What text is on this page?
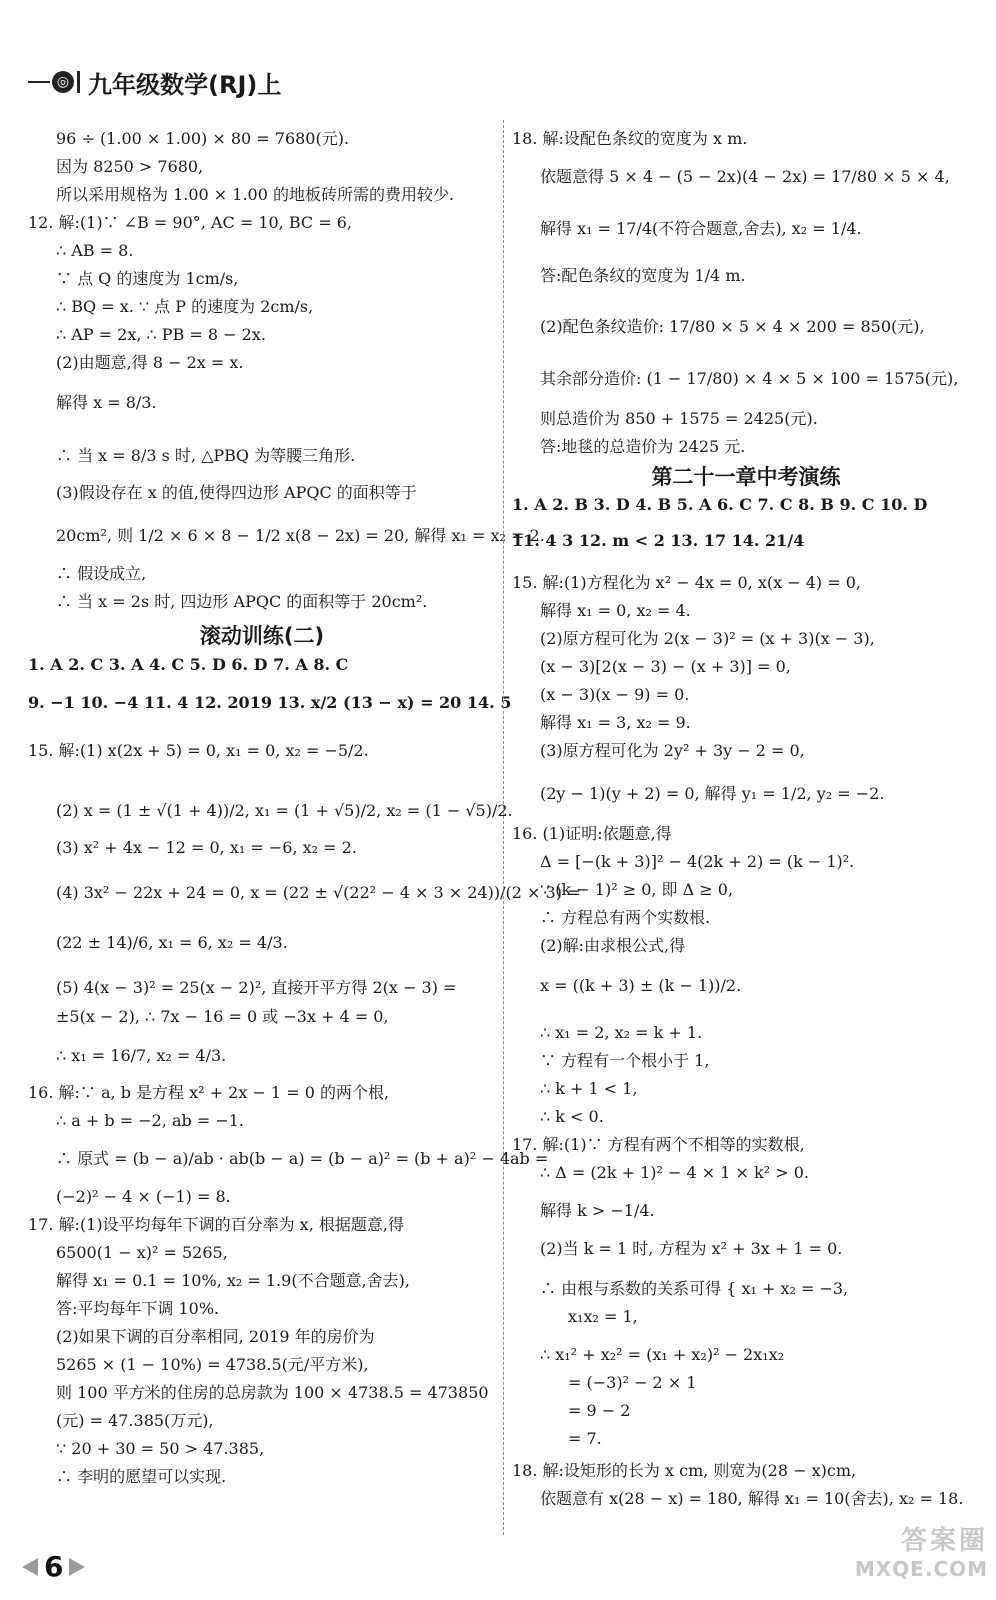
◎ 九年级数学(RJ)上
96 ÷ (1.00 × 1.00) × 80 = 7680(元).
因为 8250 > 7680,
所以采用规格为 1.00 × 1.00 的地板砖所需的费用较少.
12. 解:(1)∵ ∠B = 90°, AC = 10, BC = 6,
∴ AB = 8.
∵ 点 Q 的速度为 1cm/s,
∴ BQ = x. ∵ 点 P 的速度为 2cm/s,
∴ AP = 2x, ∴ PB = 8 − 2x.
(2)由题意,得 8 − 2x = x.
解得 x = 8/3.
∴ 当 x = 8/3 s 时, △PBQ 为等腰三角形.
(3)假设存在 x 的值,使得四边形 APQC 的面积等于
20cm², 则 1/2 × 6 × 8 − 1/2 x(8 − 2x) = 20, 解得 x₁ = x₂ = 2.
∴ 假设成立,
∴ 当 x = 2s 时, 四边形 APQC 的面积等于 20cm².
滚动训练(二)
1. A 2. C 3. A 4. C 5. D 6. D 7. A 8. C
9. −1 10. −4 11. 4 12. 2019 13. x/2 (13 − x) = 20 14. 5
15. 解:(1) x(2x + 5) = 0, x₁ = 0, x₂ = −5/2.
(2) x = (1 ± √(1 + 4))/2, x₁ = (1 + √5)/2, x₂ = (1 − √5)/2.
(3) x² + 4x − 12 = 0, x₁ = −6, x₂ = 2.
(4) 3x² − 22x + 24 = 0, x = (22 ± √(22² − 4 × 3 × 24))/(2 × 3) =
(22 ± 14)/6, x₁ = 6, x₂ = 4/3.
(5) 4(x − 3)² = 25(x − 2)², 直接开平方得 2(x − 3) =
±5(x − 2), ∴ 7x − 16 = 0 或 −3x + 4 = 0,
∴ x₁ = 16/7, x₂ = 4/3.
16. 解:∵ a, b 是方程 x² + 2x − 1 = 0 的两个根,
∴ a + b = −2, ab = −1.
∴ 原式 = (b − a)/ab · ab(b − a) = (b − a)² = (b + a)² − 4ab =
(−2)² − 4 × (−1) = 8.
17. 解:(1)设平均每年下调的百分率为 x, 根据题意,得
6500(1 − x)² = 5265,
解得 x₁ = 0.1 = 10%, x₂ = 1.9(不合题意,舍去),
答:平均每年下调 10%.
(2)如果下调的百分率相同, 2019 年的房价为
5265 × (1 − 10%) = 4738.5(元/平方米),
则 100 平方米的住房的总房款为 100 × 4738.5 = 473850
(元) = 47.385(万元),
∵ 20 + 30 = 50 > 47.385,
∴ 李明的愿望可以实现.
18. 解:设配色条纹的宽度为 x m.
依题意得 5 × 4 − (5 − 2x)(4 − 2x) = 17/80 × 5 × 4,
解得 x₁ = 17/4(不符合题意,舍去), x₂ = 1/4.
答:配色条纹的宽度为 1/4 m.
(2)配色条纹造价: 17/80 × 5 × 4 × 200 = 850(元),
其余部分造价: (1 − 17/80) × 4 × 5 × 100 = 1575(元),
则总造价为 850 + 1575 = 2425(元).
答:地毯的总造价为 2425 元.
第二十一章中考演练
1. A 2. B 3. D 4. B 5. A 6. C 7. C 8. B 9. C 10. D
11. 4 3 12. m < 2 13. 17 14. 21/4
15. 解:(1)方程化为 x² − 4x = 0, x(x − 4) = 0,
解得 x₁ = 0, x₂ = 4.
(2)原方程可化为 2(x − 3)² = (x + 3)(x − 3),
(x − 3)[2(x − 3) − (x + 3)] = 0,
(x − 3)(x − 9) = 0.
解得 x₁ = 3, x₂ = 9.
(3)原方程可化为 2y² + 3y − 2 = 0,
(2y − 1)(y + 2) = 0, 解得 y₁ = 1/2, y₂ = −2.
16. (1)证明:依题意,得
Δ = [−(k + 3)]² − 4(2k + 2) = (k − 1)².
∵ (k − 1)² ≥ 0, 即 Δ ≥ 0,
∴ 方程总有两个实数根.
(2)解:由求根公式,得
x = ((k + 3) ± (k − 1))/2.
∴ x₁ = 2, x₂ = k + 1.
∵ 方程有一个根小于 1,
∴ k + 1 < 1,
∴ k < 0.
17. 解:(1)∵ 方程有两个不相等的实数根,
∴ Δ = (2k + 1)² − 4 × 1 × k² > 0.
解得 k > −1/4.
(2)当 k = 1 时, 方程为 x² + 3x + 1 = 0.
∴ 由根与系数的关系可得 { x₁ + x₂ = −3,
x₁x₂ = 1,
∴ x₁² + x₂² = (x₁ + x₂)² − 2x₁x₂
= (−3)² − 2 × 1
= 9 − 2
= 7.
18. 解:设矩形的长为 x cm, 则宽为(28 − x)cm,
依题意有 x(28 − x) = 180, 解得 x₁ = 10(舍去), x₂ = 18.
6
答案圈
MXQE.COM
